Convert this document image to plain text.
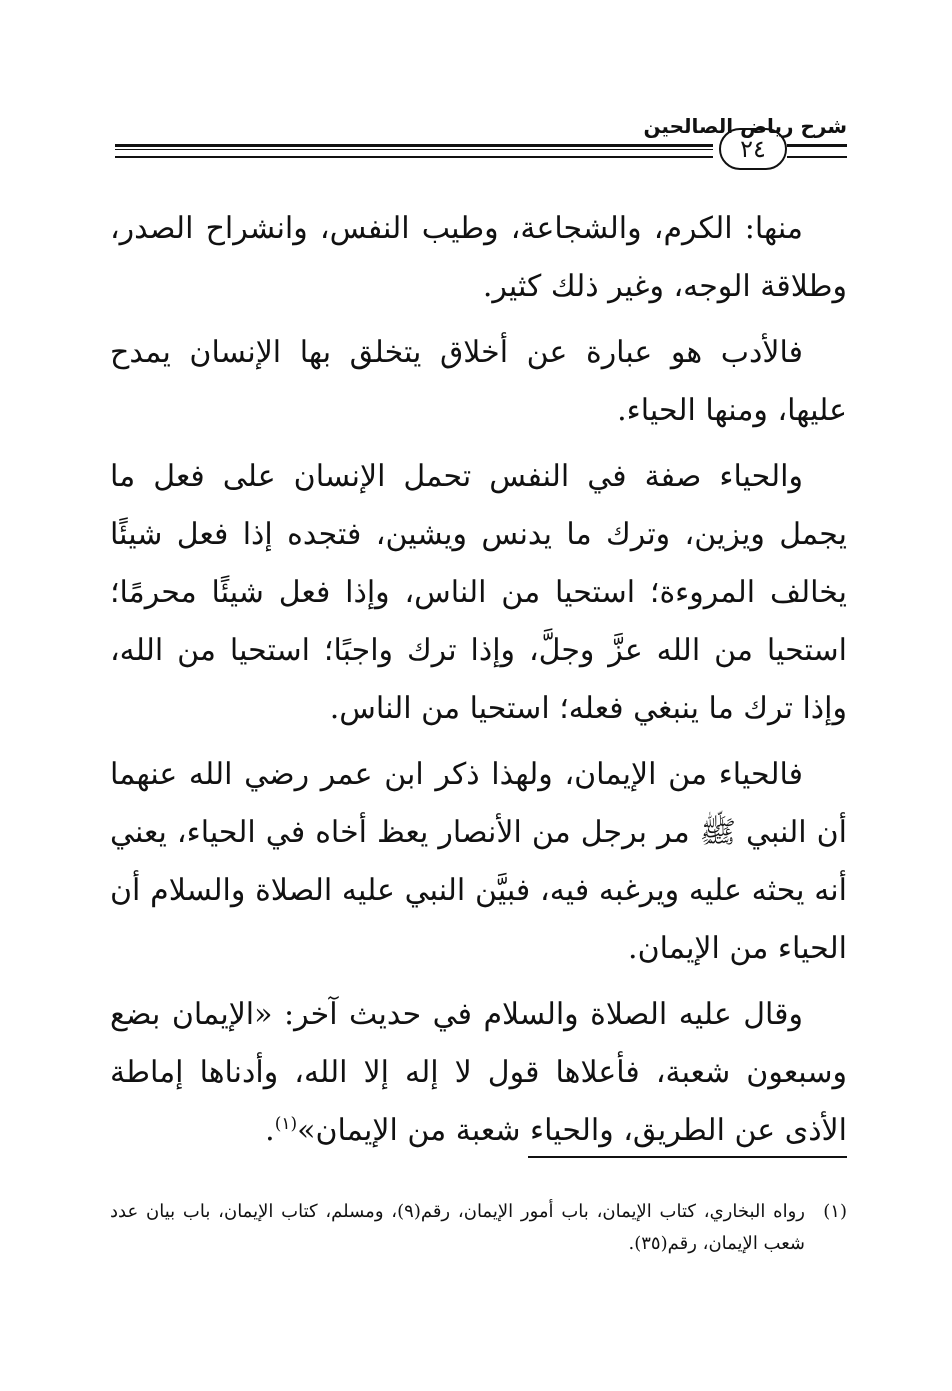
٢٤
شرح رياض الصالحين

منها: الكرم، والشجاعة، وطيب النفس، وانشراح الصدر، وطلاقة الوجه، وغير ذلك كثير.

فالأدب هو عبارة عن أخلاق يتخلق بها الإنسان يمدح عليها، ومنها الحياء.

والحياء صفة في النفس تحمل الإنسان على فعل ما يجمل ويزين، وترك ما يدنس ويشين، فتجده إذا فعل شيئًا يخالف المروءة؛ استحيا من الناس، وإذا فعل شيئًا محرمًا؛ استحيا من الله عزَّ وجلَّ، وإذا ترك واجبًا؛ استحيا من الله، وإذا ترك ما ينبغي فعله؛ استحيا من الناس.

فالحياء من الإيمان، ولهذا ذكر ابن عمر رضي الله عنهما أن النبي ﷺ مر برجل من الأنصار يعظ أخاه في الحياء، يعني أنه يحثه عليه ويرغبه فيه، فبيَّن النبي عليه الصلاة والسلام أن الحياء من الإيمان.

وقال عليه الصلاة والسلام في حديث آخر: «الإيمان بضع وسبعون شعبة، فأعلاها قول لا إله إلا الله، وأدناها إماطة الأذى عن الطريق، والحياء شعبة من الإيمان»$^{(١)}$.

(١)
رواه البخاري، كتاب الإيمان، باب أمور الإيمان، رقم(٩)، ومسلم، كتاب الإيمان، باب بيان عدد شعب الإيمان، رقم(٣٥).
